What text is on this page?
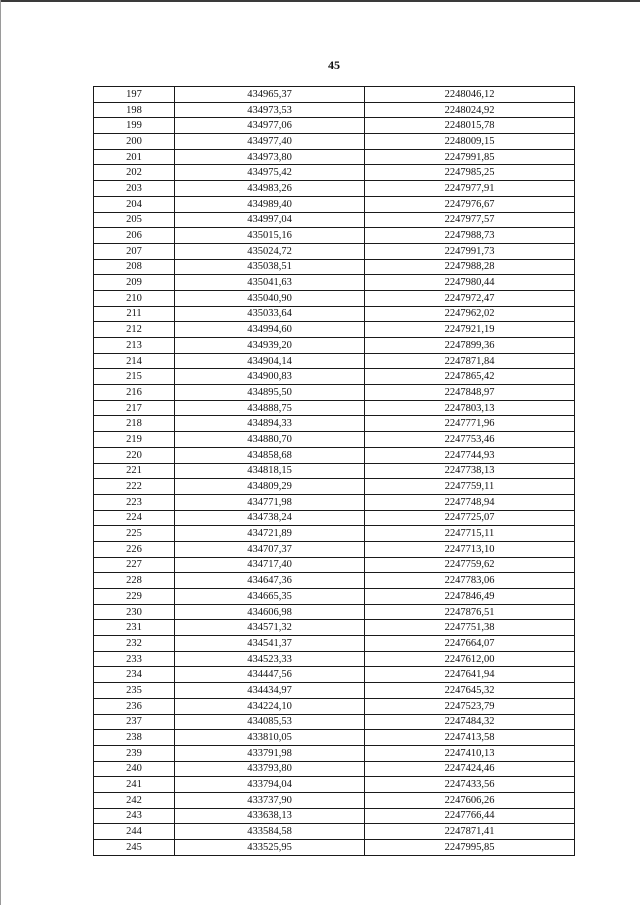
45
197	434965,37	2248046,12
198	434973,53	2248024,92
199	434977,06	2248015,78
200	434977,40	2248009,15
201	434973,80	2247991,85
202	434975,42	2247985,25
203	434983,26	2247977,91
204	434989,40	2247976,67
205	434997,04	2247977,57
206	435015,16	2247988,73
207	435024,72	2247991,73
208	435038,51	2247988,28
209	435041,63	2247980,44
210	435040,90	2247972,47
211	435033,64	2247962,02
212	434994,60	2247921,19
213	434939,20	2247899,36
214	434904,14	2247871,84
215	434900,83	2247865,42
216	434895,50	2247848,97
217	434888,75	2247803,13
218	434894,33	2247771,96
219	434880,70	2247753,46
220	434858,68	2247744,93
221	434818,15	2247738,13
222	434809,29	2247759,11
223	434771,98	2247748,94
224	434738,24	2247725,07
225	434721,89	2247715,11
226	434707,37	2247713,10
227	434717,40	2247759,62
228	434647,36	2247783,06
229	434665,35	2247846,49
230	434606,98	2247876,51
231	434571,32	2247751,38
232	434541,37	2247664,07
233	434523,33	2247612,00
234	434447,56	2247641,94
235	434434,97	2247645,32
236	434224,10	2247523,79
237	434085,53	2247484,32
238	433810,05	2247413,58
239	433791,98	2247410,13
240	433793,80	2247424,46
241	433794,04	2247433,56
242	433737,90	2247606,26
243	433638,13	2247766,44
244	433584,58	2247871,41
245	433525,95	2247995,85
